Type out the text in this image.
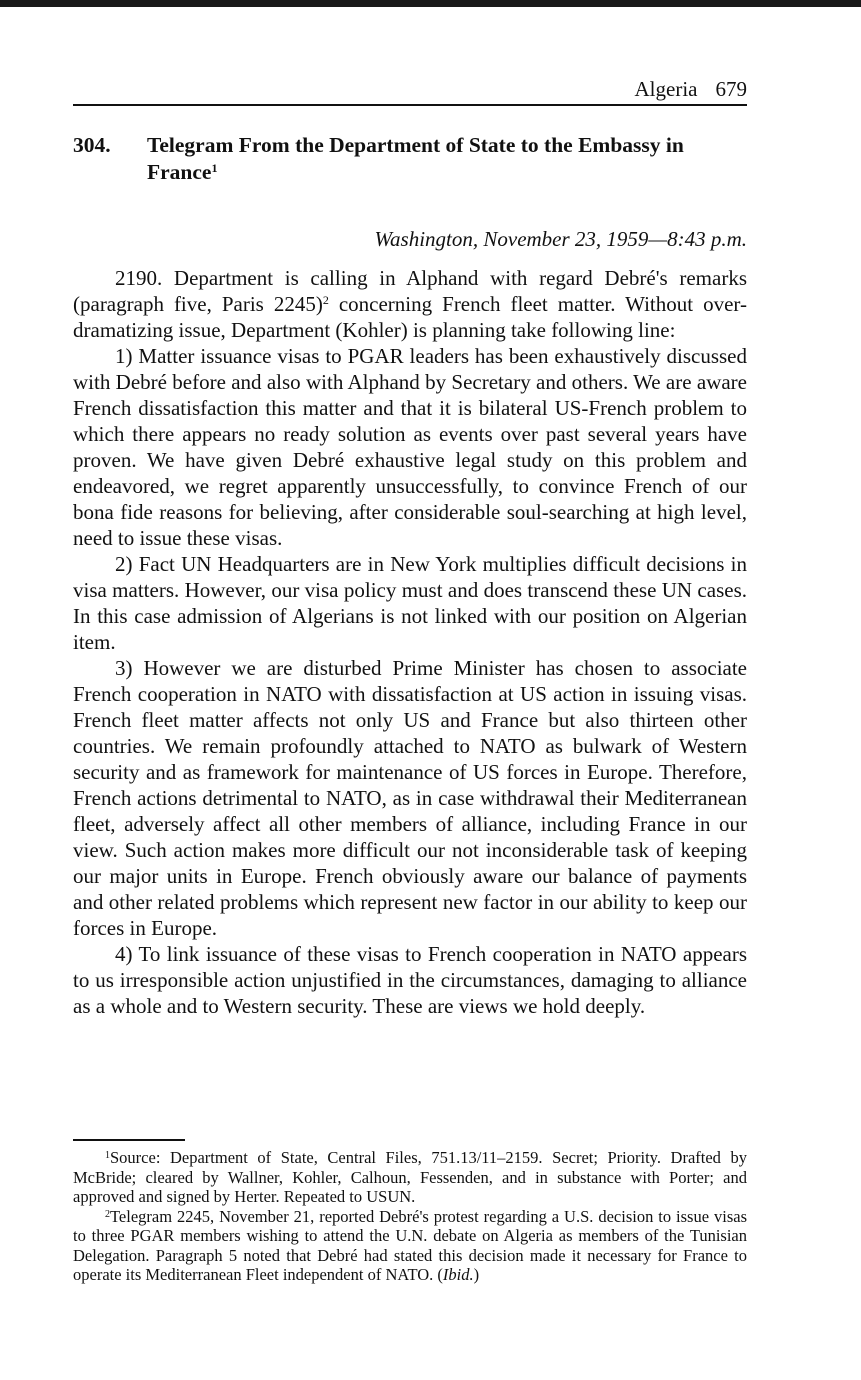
Algeria 679
304. Telegram From the Department of State to the Embassy in France$^1$
Washington, November 23, 1959—8:43 p.m.

2190. Department is calling in Alphand with regard Debré's remarks (paragraph five, Paris 2245)$^2$ concerning French fleet matter. Without over-dramatizing issue, Department (Kohler) is planning take following line:

1) Matter issuance visas to PGAR leaders has been exhaustively discussed with Debré before and also with Alphand by Secretary and others. We are aware French dissatisfaction this matter and that it is bilateral US-French problem to which there appears no ready solution as events over past several years have proven. We have given Debré exhaustive legal study on this problem and endeavored, we regret apparently unsuccessfully, to convince French of our bona fide reasons for believing, after considerable soul-searching at high level, need to issue these visas.

2) Fact UN Headquarters are in New York multiplies difficult decisions in visa matters. However, our visa policy must and does transcend these UN cases. In this case admission of Algerians is not linked with our position on Algerian item.

3) However we are disturbed Prime Minister has chosen to associate French cooperation in NATO with dissatisfaction at US action in issuing visas. French fleet matter affects not only US and France but also thirteen other countries. We remain profoundly attached to NATO as bulwark of Western security and as framework for maintenance of US forces in Europe. Therefore, French actions detrimental to NATO, as in case withdrawal their Mediterranean fleet, adversely affect all other members of alliance, including France in our view. Such action makes more difficult our not inconsiderable task of keeping our major units in Europe. French obviously aware our balance of payments and other related problems which represent new factor in our ability to keep our forces in Europe.

4) To link issuance of these visas to French cooperation in NATO appears to us irresponsible action unjustified in the circumstances, damaging to alliance as a whole and to Western security. These are views we hold deeply.

$^1$Source: Department of State, Central Files, 751.13/11–2159. Secret; Priority. Drafted by McBride; cleared by Wallner, Kohler, Calhoun, Fessenden, and in substance with Porter; and approved and signed by Herter. Repeated to USUN.

$^2$Telegram 2245, November 21, reported Debré's protest regarding a U.S. decision to issue visas to three PGAR members wishing to attend the U.N. debate on Algeria as members of the Tunisian Delegation. Paragraph 5 noted that Debré had stated this decision made it necessary for France to operate its Mediterranean Fleet independent of NATO. (Ibid.)
